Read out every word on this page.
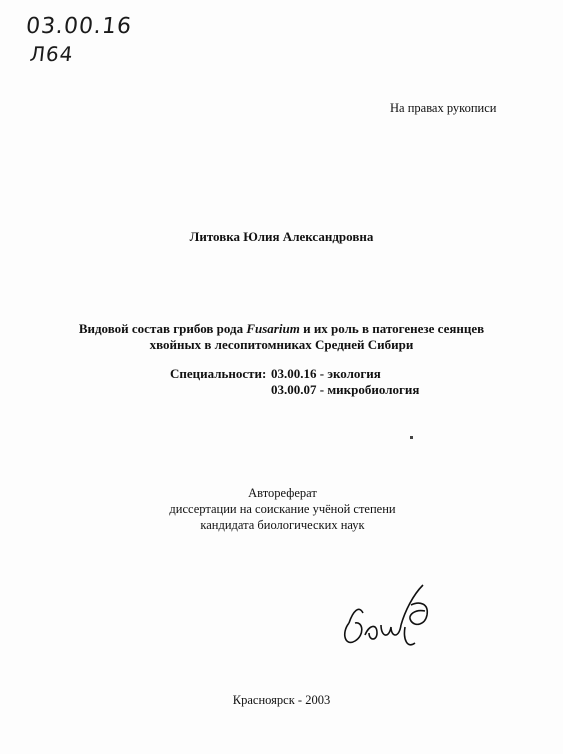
03.00.16
Л64
На правах рукописи
Литовка Юлия Александровна
Видовой состав грибов рода Fusarium и их роль в патогенезе сеянцев
хвойных в лесопитомниках Средней Сибири
Специальности: 03.00.16 - экология
03.00.07 - микробиология
Автореферат
диссертации на соискание учёной степени
кандидата биологических наук
Красноярск - 2003
